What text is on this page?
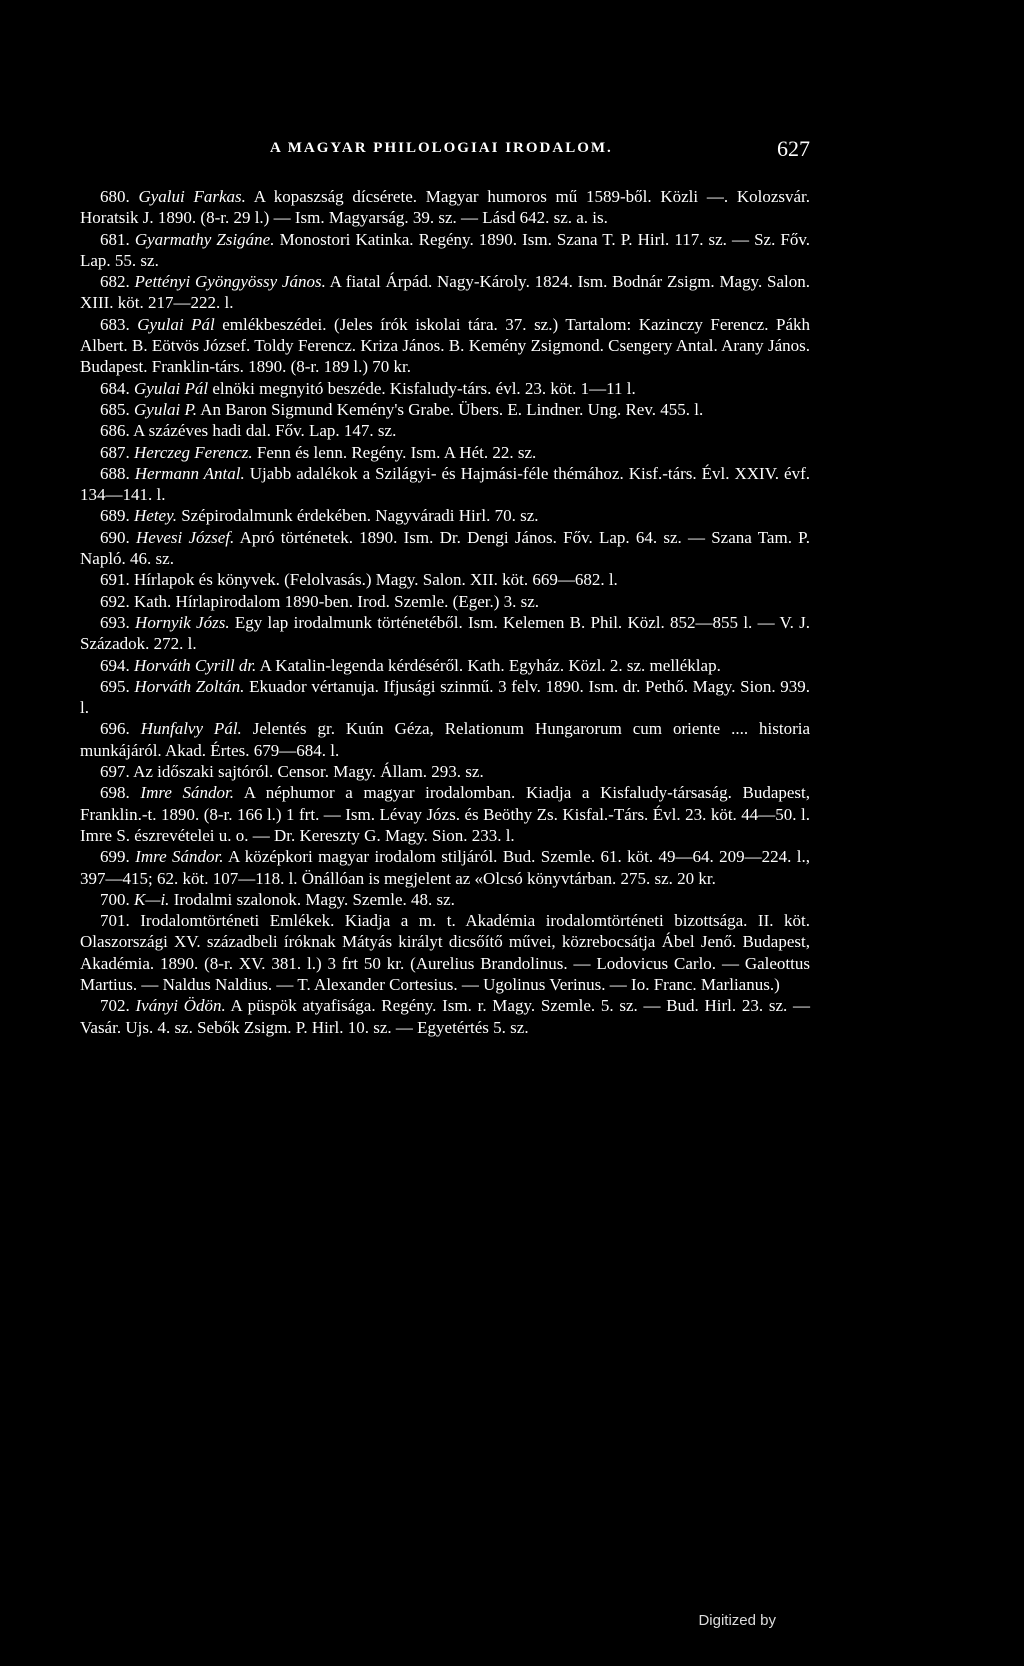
A MAGYAR PHILOLOGIAI IRODALOM.	627

680. Gyalui Farkas. A kopaszság dícsérete. Magyar humoros mű 1589-ből. Közli —. Kolozsvár. Horatsik J. 1890. (8-r. 29 l.) — Ism. Magyarság. 39. sz. — Lásd 642. sz. a. is.

681. Gyarmathy Zsigáne. Monostori Katinka. Regény. 1890. Ism. Szana T. P. Hirl. 117. sz. — Sz. Főv. Lap. 55. sz.

682. Pettényi Gyöngyössy János. A fiatal Árpád. Nagy-Károly. 1824. Ism. Bodnár Zsigm. Magy. Salon. XIII. köt. 217—222. l.

683. Gyulai Pál emlékbeszédei. (Jeles írók iskolai tára. 37. sz.) Tartalom: Kazinczy Ferencz. Pákh Albert. B. Eötvös József. Toldy Ferencz. Kriza János. B. Kemény Zsigmond. Csengery Antal. Arany János. Budapest. Franklin-társ. 1890. (8-r. 189 l.) 70 kr.

684. Gyulai Pál elnöki megnyitó beszéde. Kisfaludy-társ. évl. 23. köt. 1—11 l.

685. Gyulai P. An Baron Sigmund Kemény's Grabe. Übers. E. Lindner. Ung. Rev. 455. l.

686. A százéves hadi dal. Főv. Lap. 147. sz.

687. Herczeg Ferencz. Fenn és lenn. Regény. Ism. A Hét. 22. sz.

688. Hermann Antal. Ujabb adalékok a Szilágyi- és Hajmási-féle thémához. Kisf.-társ. Évl. XXIV. évf. 134—141. l.

689. Hetey. Szépirodalmunk érdekében. Nagyváradi Hirl. 70. sz.

690. Hevesi József. Apró történetek. 1890. Ism. Dr. Dengi János. Főv. Lap. 64. sz. — Szana Tam. P. Napló. 46. sz.

691. Hírlapok és könyvek. (Felolvasás.) Magy. Salon. XII. köt. 669—682. l.

692. Kath. Hírlapirodalom 1890-ben. Irod. Szemle. (Eger.) 3. sz.

693. Hornyik Józs. Egy lap irodalmunk történetéből. Ism. Kelemen B. Phil. Közl. 852—855 l. — V. J. Századok. 272. l.

694. Horváth Cyrill dr. A Katalin-legenda kérdéséről. Kath. Egyház. Közl. 2. sz. melléklap.

695. Horváth Zoltán. Ekuador vértanuja. Ifjusági szinmű. 3 felv. 1890. Ism. dr. Pethő. Magy. Sion. 939. l.

696. Hunfalvy Pál. Jelentés gr. Kuún Géza, Relationum Hungarorum cum oriente .... historia munkájáról. Akad. Értes. 679—684. l.

697. Az időszaki sajtóról. Censor. Magy. Állam. 293. sz.

698. Imre Sándor. A néphumor a magyar irodalomban. Kiadja a Kisfaludy-társaság. Budapest, Franklin.-t. 1890. (8-r. 166 l.) 1 frt. — Ism. Lévay Józs. és Beöthy Zs. Kisfal.-Társ. Évl. 23. köt. 44—50. l. Imre S. észrevételei u. o. — Dr. Kereszty G. Magy. Sion. 233. l.

699. Imre Sándor. A középkori magyar irodalom stiljáról. Bud. Szemle. 61. köt. 49—64. 209—224. l., 397—415; 62. köt. 107—118. l. Önállóan is megjelent az «Olcsó könyvtárban. 275. sz. 20 kr.

700. K—i. Irodalmi szalonok. Magy. Szemle. 48. sz.

701. Irodalomtörténeti Emlékek. Kiadja a m. t. Akadémia irodalomtörténeti bizottsága. II. köt. Olaszországi XV. századbeli íróknak Mátyás királyt dicsőítő művei, közrebocsátja Ábel Jenő. Budapest, Akadémia. 1890. (8-r. XV. 381. l.) 3 frt 50 kr. (Aurelius Brandolinus. — Lodovicus Carlo. — Galeottus Martius. — Naldus Naldius. — T. Alexander Cortesius. — Ugolinus Verinus. — Io. Franc. Marlianus.)

702. Iványi Ödön. A püspök atyafisága. Regény. Ism. r. Magy. Szemle. 5. sz. — Bud. Hirl. 23. sz. — Vasár. Ujs. 4. sz. Sebők Zsigm. P. Hirl. 10. sz. — Egyetértés 5. sz.

Digitized by
